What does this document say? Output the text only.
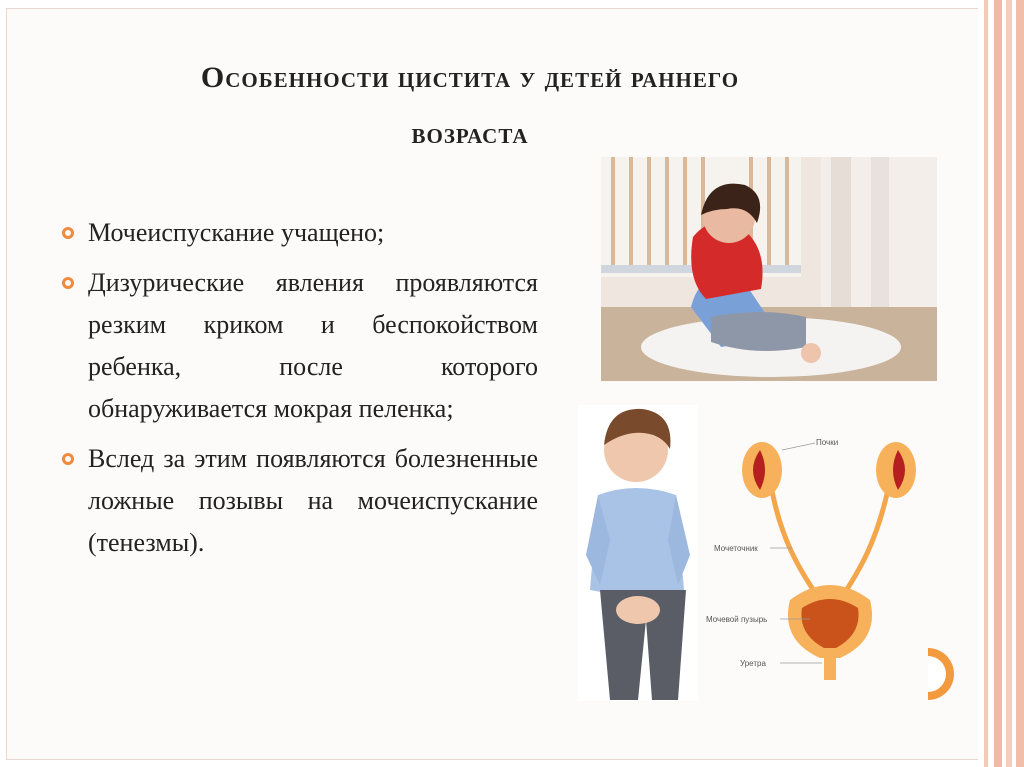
Особенности цистита у детей раннего
возраста
Мочеиспускание учащено;
Дизурические явления проявляются резким криком и беспокойством ребенка, после которого обнаруживается мокрая пеленка;
Вслед за этим появляются болезненные ложные позывы на мочеиспускание (тенезмы).
Почки
Мочеточник
Мочевой пузырь
Уретра
